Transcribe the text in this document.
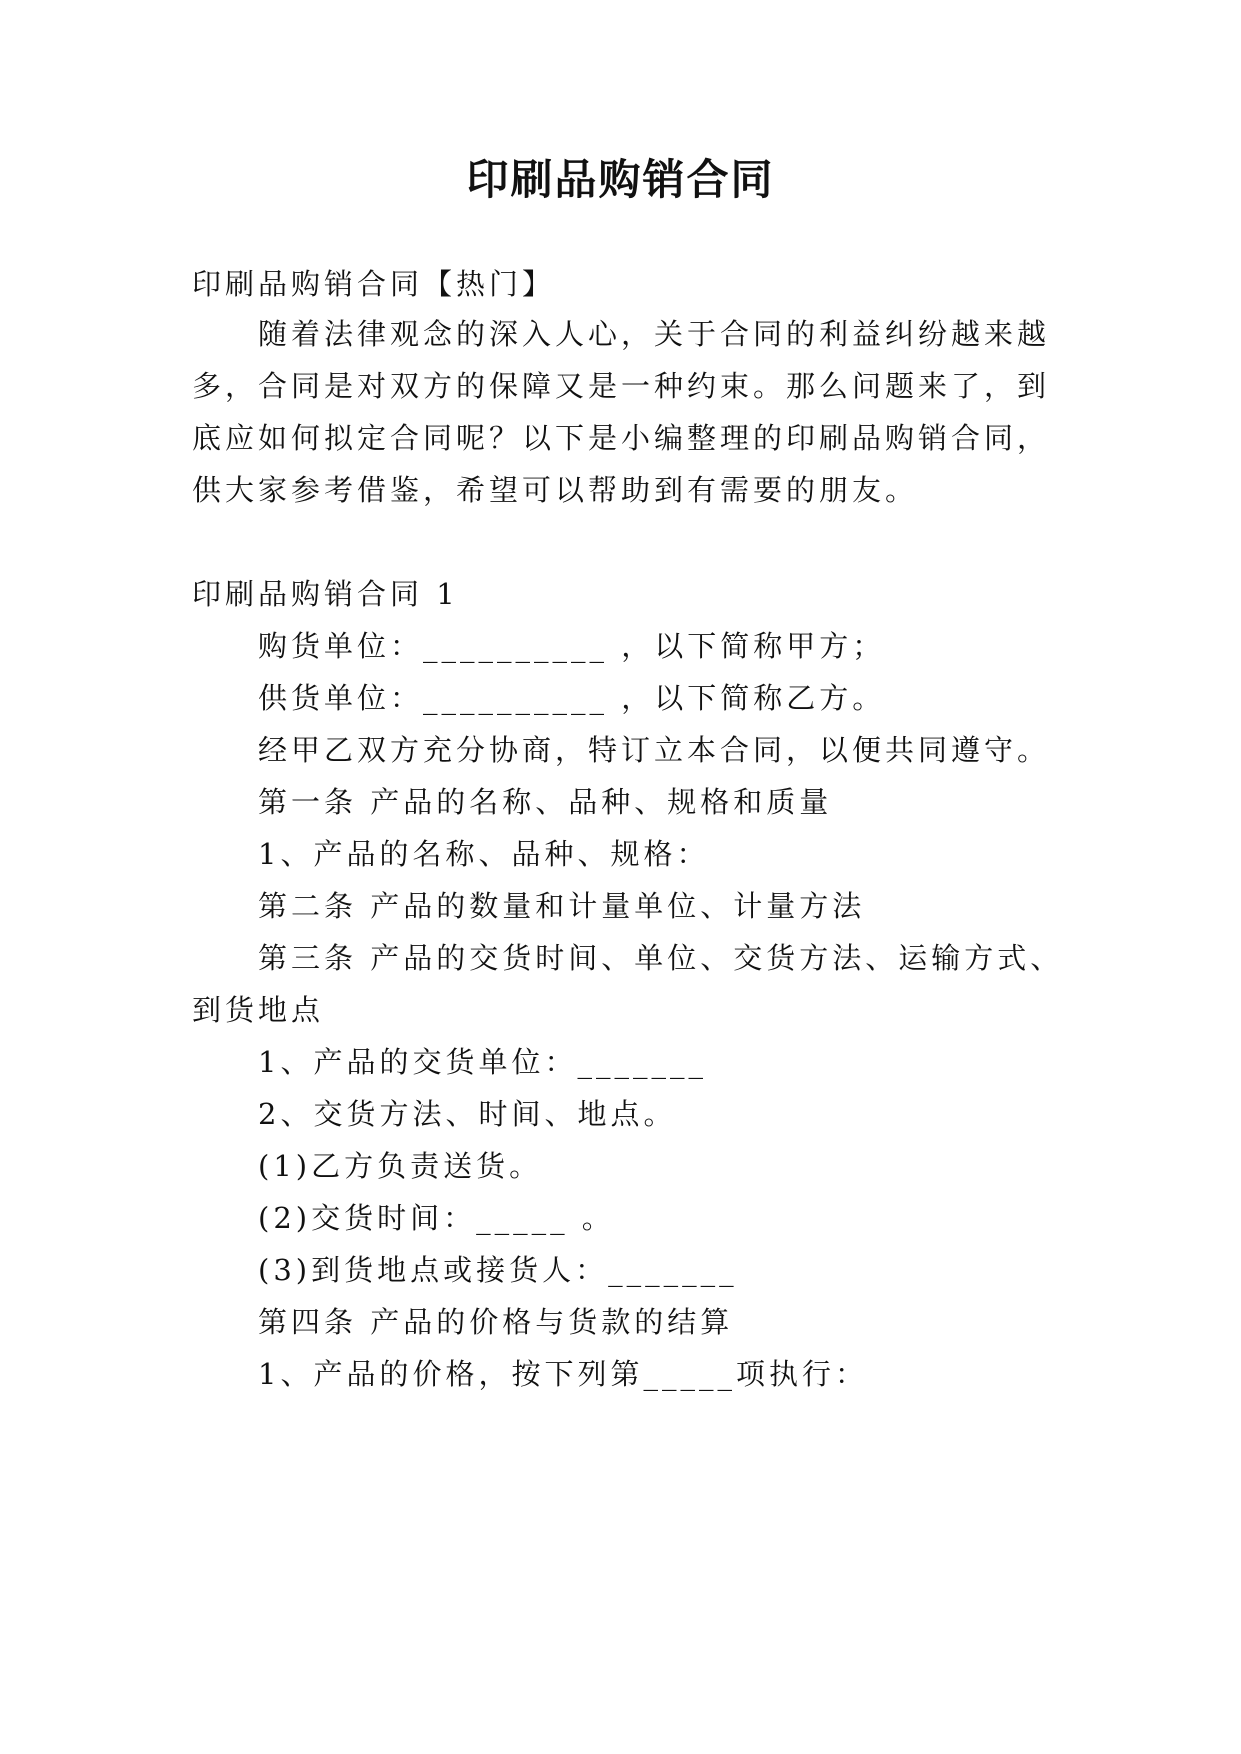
印刷品购销合同
印刷品购销合同【热门】
随着法律观念的深入人心，关于合同的利益纠纷越来越
多，合同是对双方的保障又是一种约束。那么问题来了，到
底应如何拟定合同呢？以下是小编整理的印刷品购销合同，
供大家参考借鉴，希望可以帮助到有需要的朋友。
印刷品购销合同 1
购货单位：__________ ，以下简称甲方；
供货单位：__________ ，以下简称乙方。
经甲乙双方充分协商，特订立本合同，以便共同遵守。
第一条 产品的名称、品种、规格和质量
1、产品的名称、品种、规格：
第二条 产品的数量和计量单位、计量方法
第三条 产品的交货时间、单位、交货方法、运输方式、
到货地点
1、产品的交货单位：_______
2、交货方法、时间、地点。
(1)乙方负责送货。
(2)交货时间：_____ 。
(3)到货地点或接货人：_______
第四条 产品的价格与货款的结算
1、产品的价格，按下列第_____项执行：
